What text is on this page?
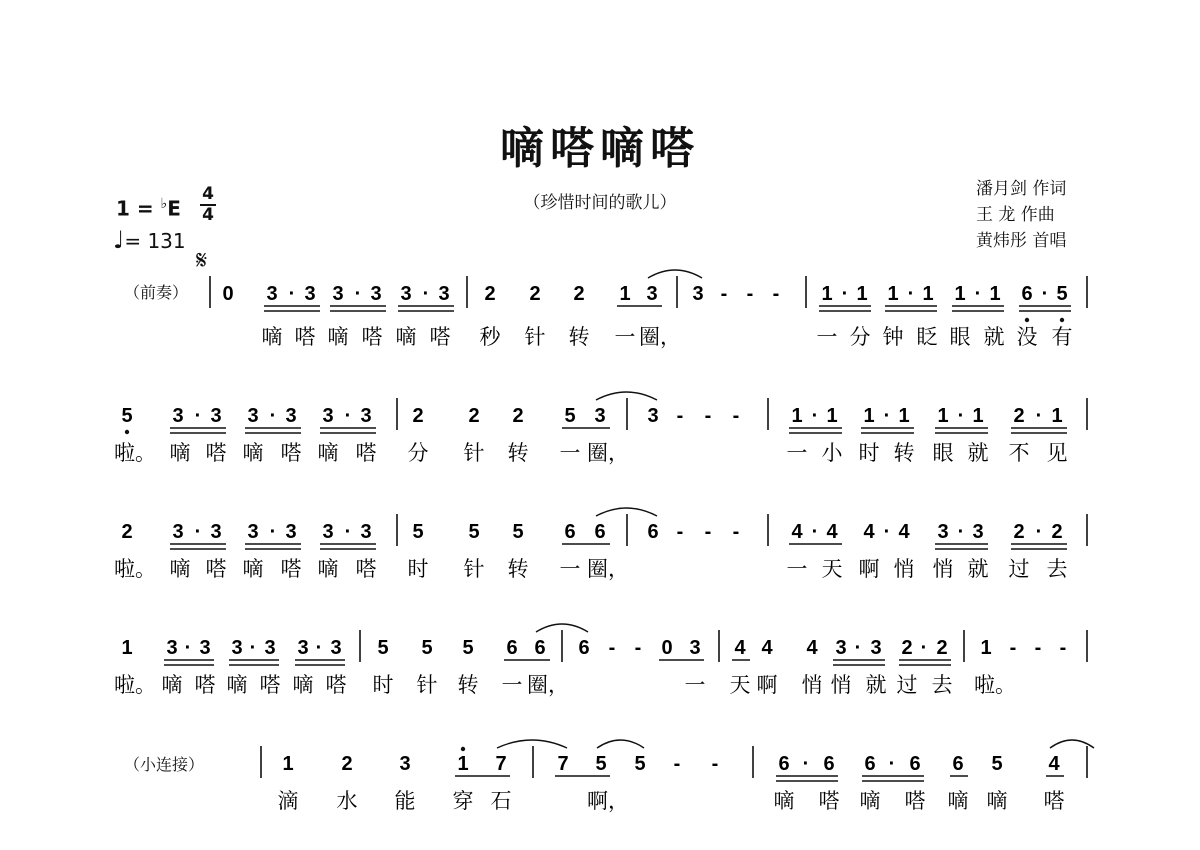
嘀嗒嘀嗒
（珍惜时间的歌儿）
潘月剑 作词
王 龙 作曲
黄炜彤 首唱
1 = ♭E
4
4
♩= 131
𝄋
（前奏）
（小连接）
0 3 · 3 3 · 3 3 · 3 2 2 2 1 3 3 - - - 1 · 1 1 · 1 1 · 1 6 · 5
嘀 嗒 嘀 嗒 嘀 嗒 秒 针 转 一 圈，	一 分 钟 眨 眼 就 没 有
5 3 · 3 3 · 3 3 · 3 2 2 2 5 3 3 - - -	1 · 1 1 · 1 1 · 1 2 · 1
啦。 嘀 嗒 嘀 嗒 嘀 嗒 分 针 转 一 圈，	一 小 时 转 眼 就 不 见
2 3 · 3 3 · 3 3 · 3 5 5 5 6 6 6 - - -	4 · 4 4 · 4 3 · 3 2 · 2
啦。 嘀 嗒 嘀 嗒 嘀 嗒 时 针 转 一 圈，	一 天 啊 悄 悄 就 过 去
1 3 · 3 3 · 3 3 · 3 5 5 5 6 6 6 - - 0 3 4 4 4 3 · 3 2 · 2 1 - - -
啦。 嘀 嗒 嘀 嗒 嘀 嗒 时 针 转 一 圈，	一 天 啊 悄 悄 就 过 去 啦。
1 2 3 1 7	7 5 5 - -	6 · 6 6 · 6 6 5 4
滴 水 能 穿 石	啊，	嘀 嗒 嘀 嗒 嘀 嘀 嗒
